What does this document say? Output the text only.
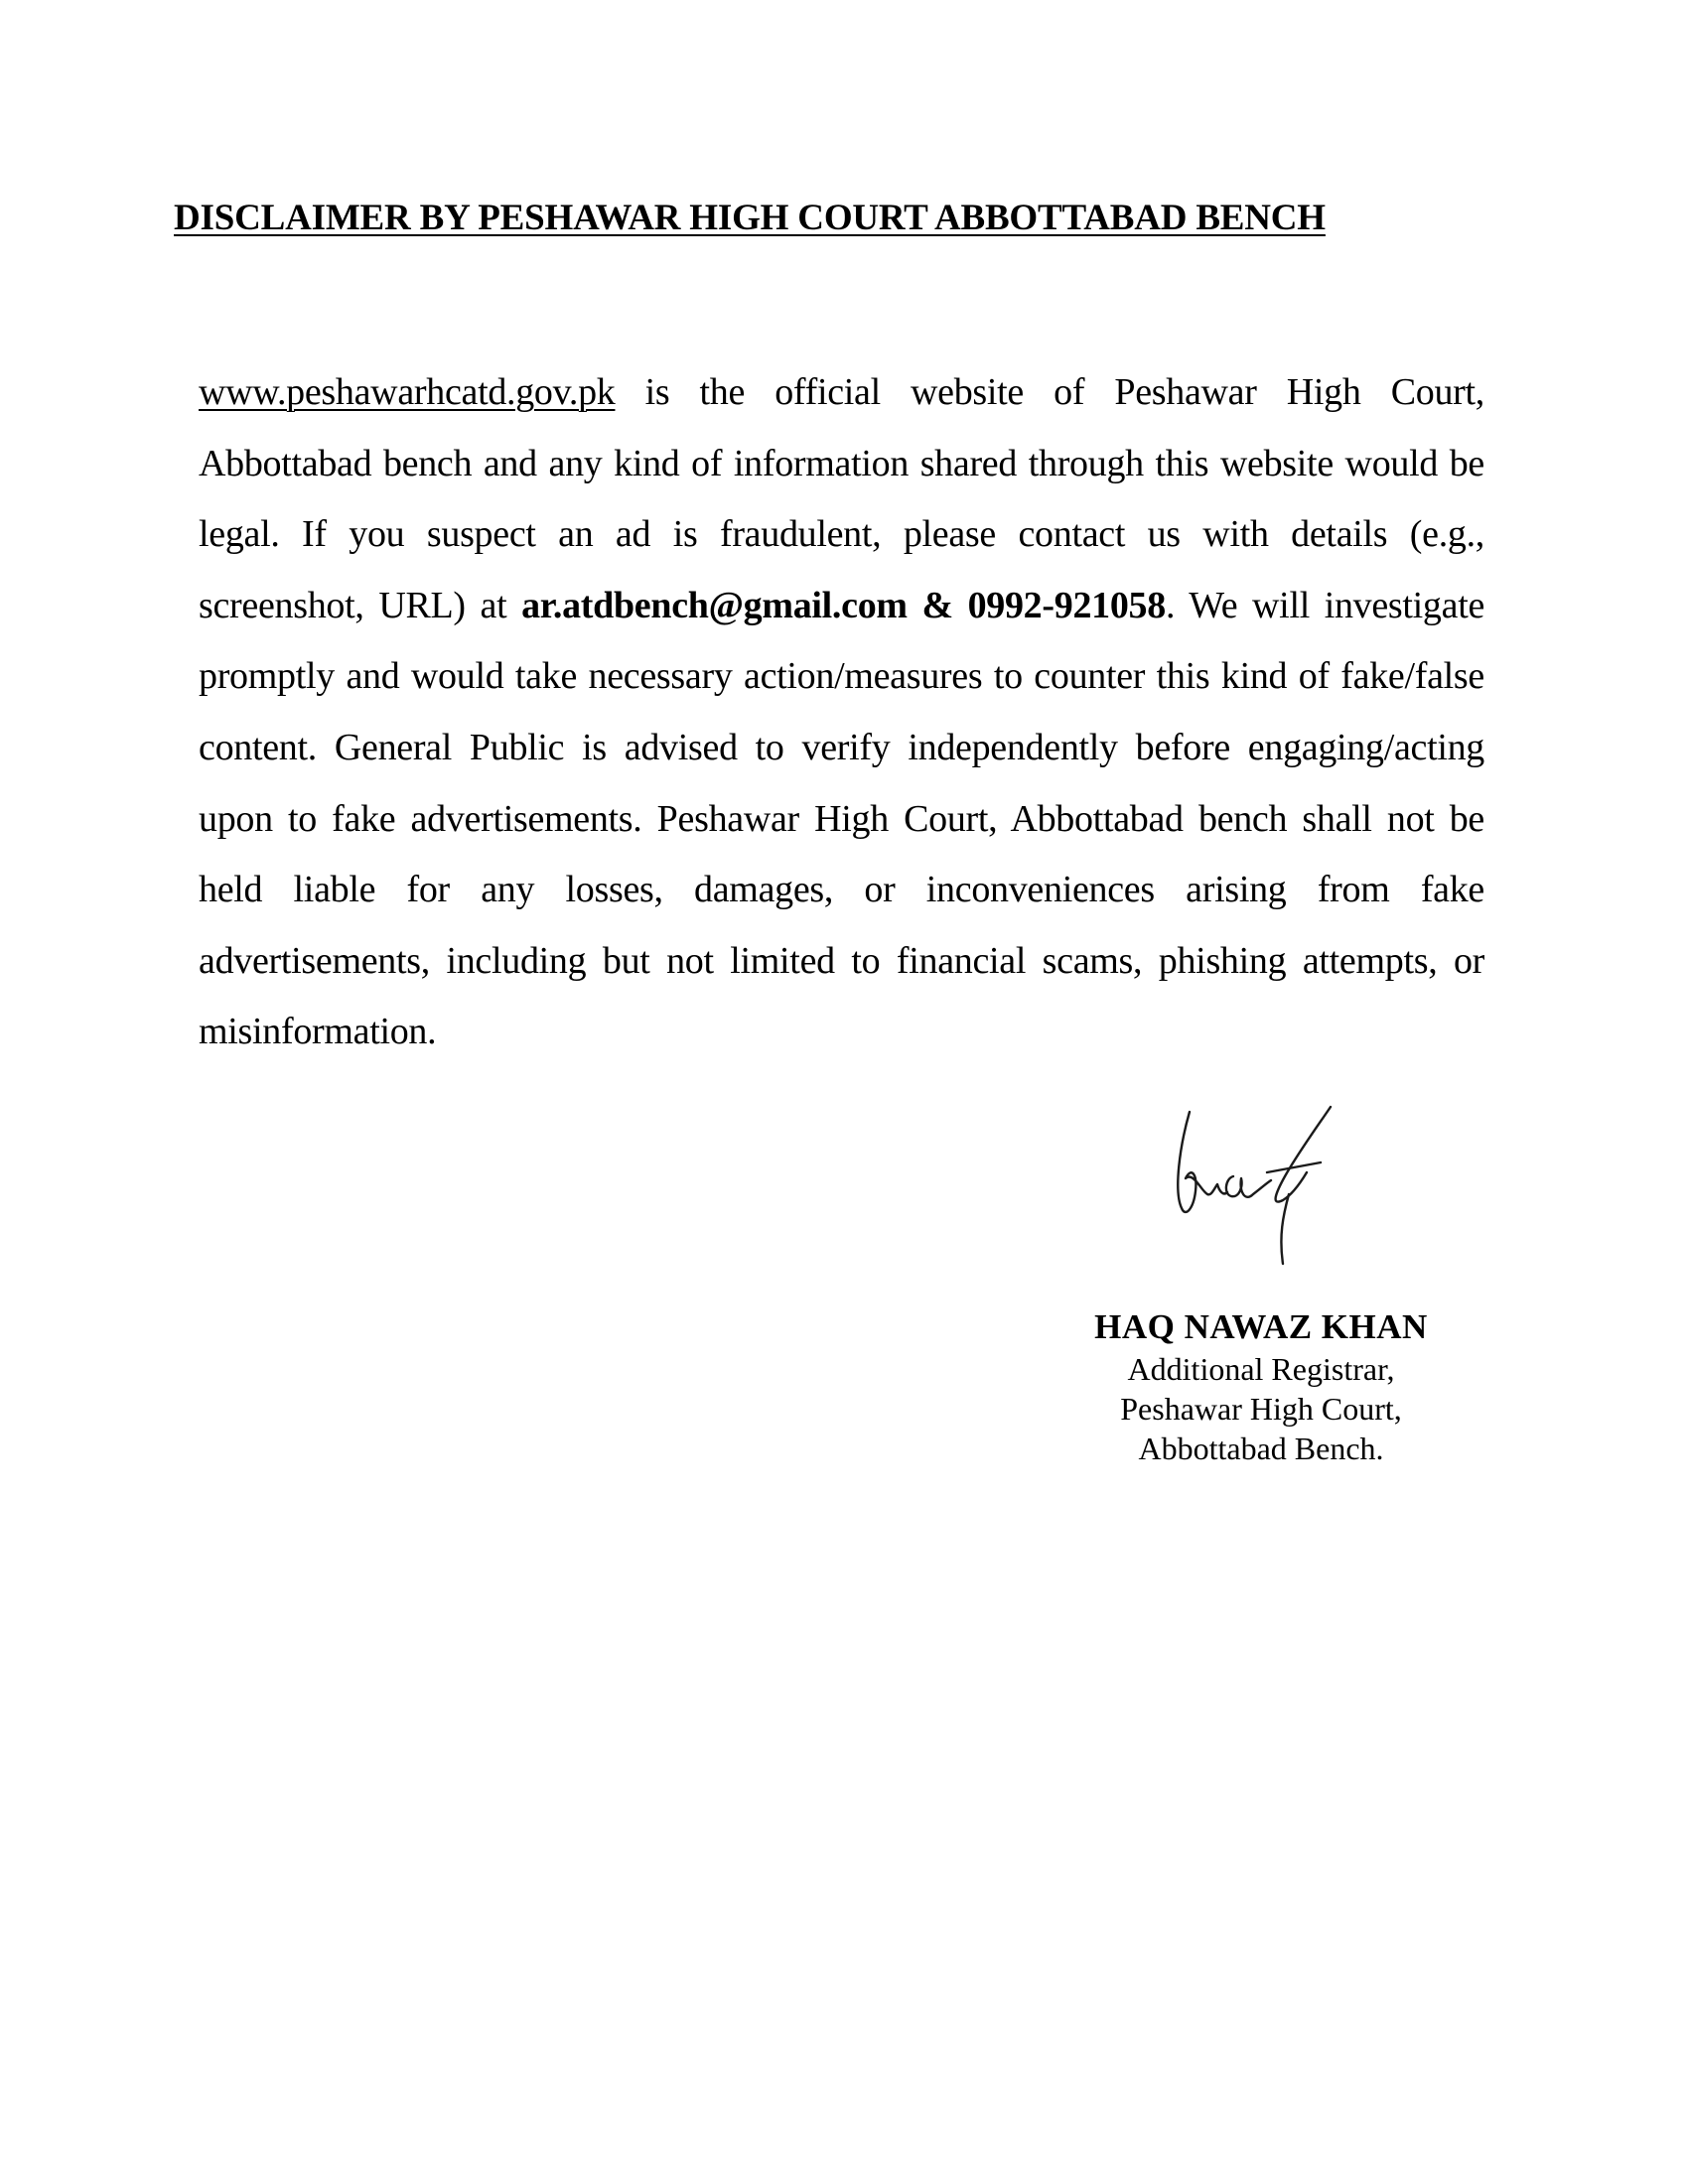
DISCLAIMER BY PESHAWAR HIGH COURT ABBOTTABAD BENCH

www.peshawarhcatd.gov.pk is the official website of Peshawar High Court, Abbottabad bench and any kind of information shared through this website would be legal. If you suspect an ad is fraudulent, please contact us with details (e.g., screenshot, URL) at ar.atdbench@gmail.com & 0992-921058. We will investigate promptly and would take necessary action/measures to counter this kind of fake/false content. General Public is advised to verify independently before engaging/acting upon to fake advertisements. Peshawar High Court, Abbottabad bench shall not be held liable for any losses, damages, or inconveniences arising from fake advertisements, including but not limited to financial scams, phishing attempts, or misinformation.

HAQ NAWAZ KHAN
Additional Registrar,
Peshawar High Court,
Abbottabad Bench.
